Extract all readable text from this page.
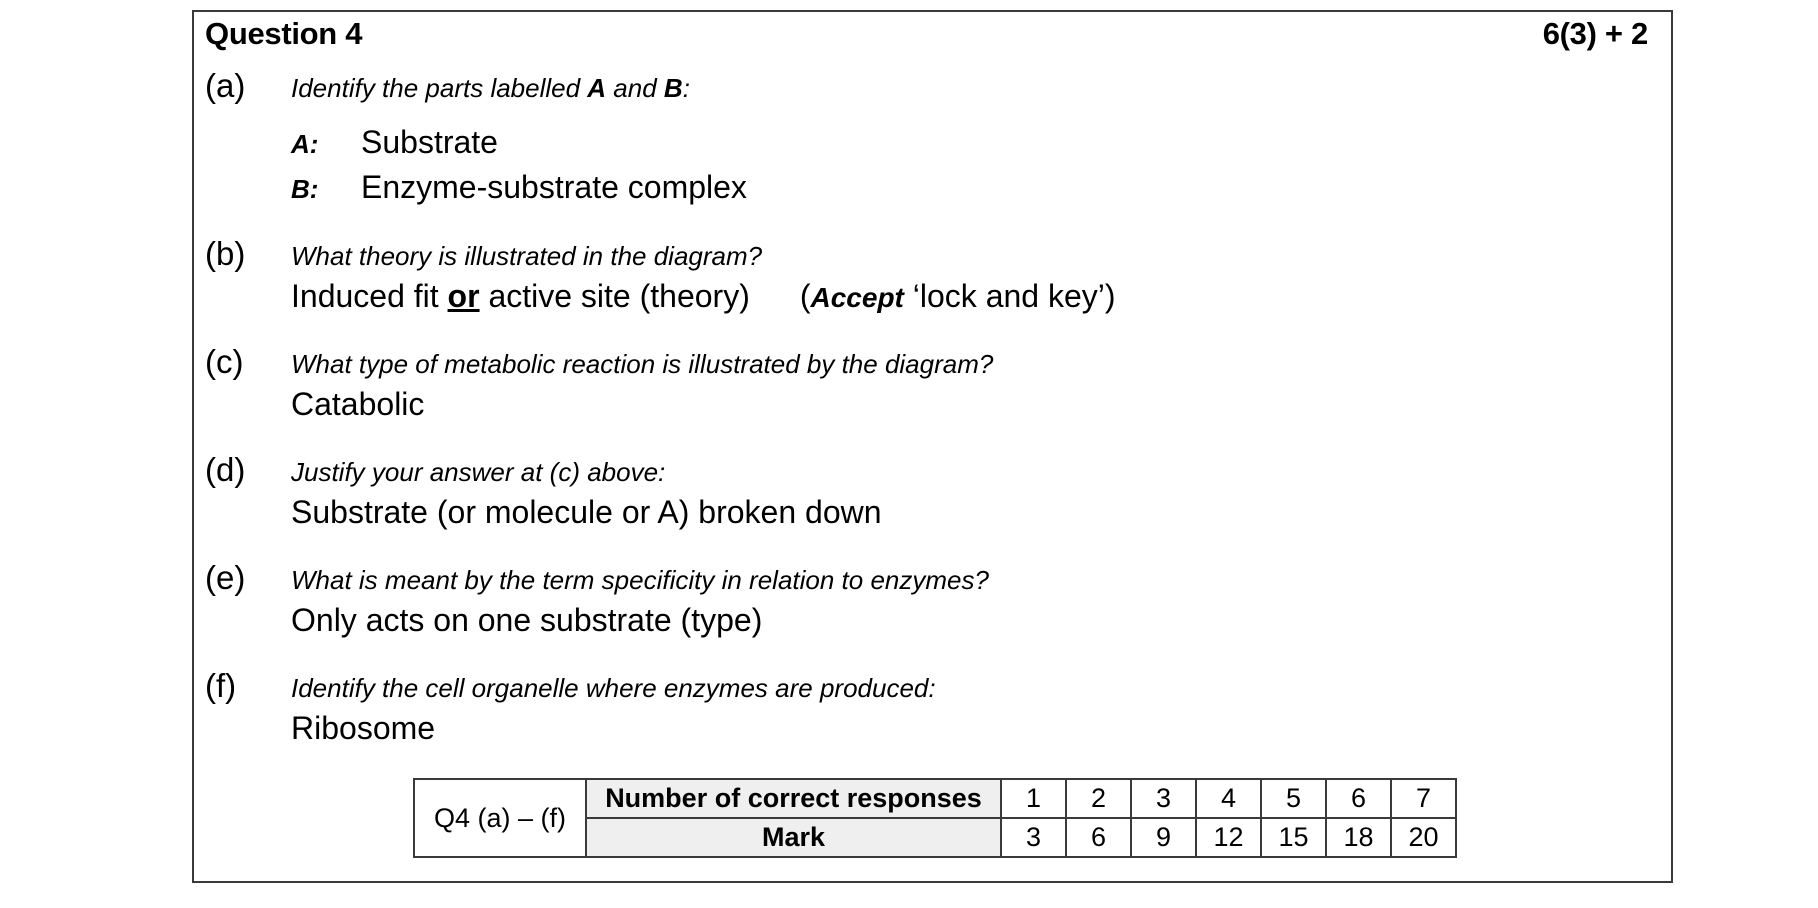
Question 4	6(3) + 2
(a) Identify the parts labelled A and B:
A: Substrate
B: Enzyme-substrate complex
(b) What theory is illustrated in the diagram?
Induced fit or active site (theory) (Accept ‘lock and key’)
(c) What type of metabolic reaction is illustrated by the diagram?
Catabolic
(d) Justify your answer at (c) above:
Substrate (or molecule or A) broken down
(e) What is meant by the term specificity in relation to enzymes?
Only acts on one substrate (type)
(f) Identify the cell organelle where enzymes are produced:
Ribosome
Q4 (a) – (f)	Number of correct responses	1	2	3	4	5	6	7
	Mark	3	6	9	12	15	18	20
